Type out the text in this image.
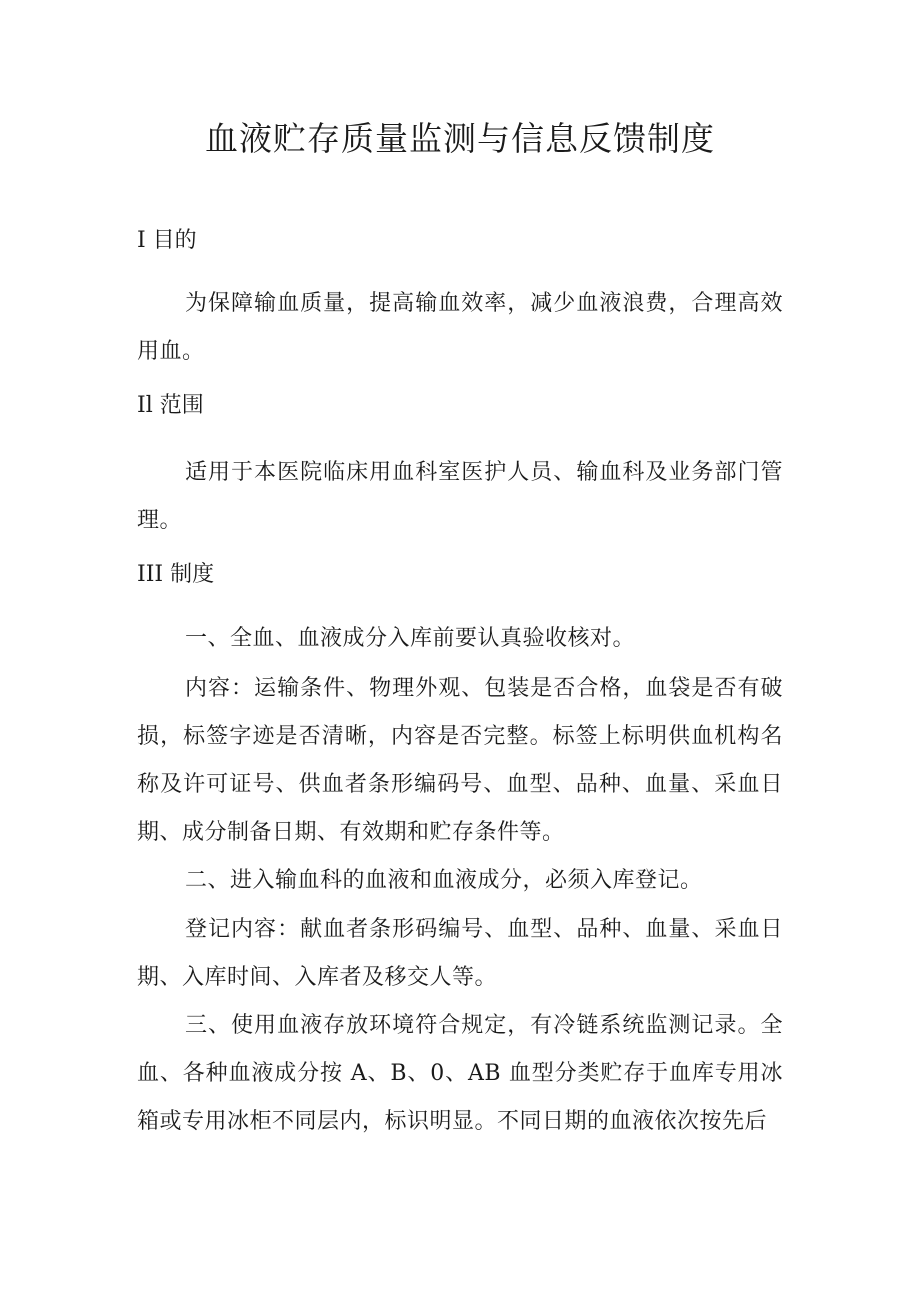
血液贮存质量监测与信息反馈制度
I 目的

为保障输血质量，提高输血效率，减少血液浪费，合理高效用血。

Il 范围

适用于本医院临床用血科室医护人员、输血科及业务部门管理。

III 制度

一、全血、血液成分入库前要认真验收核对。

内容：运输条件、物理外观、包装是否合格，血袋是否有破损，标签字迹是否清晰，内容是否完整。标签上标明供血机构名称及许可证号、供血者条形编码号、血型、品种、血量、采血日期、成分制备日期、有效期和贮存条件等。

二、进入输血科的血液和血液成分，必须入库登记。

登记内容：献血者条形码编号、血型、品种、血量、采血日期、入库时间、入库者及移交人等。

三、使用血液存放环境符合规定，有冷链系统监测记录。全血、各种血液成分按 A、B、0、AB 血型分类贮存于血库专用冰箱或专用冰柜不同层内，标识明显。不同日期的血液依次按先后
